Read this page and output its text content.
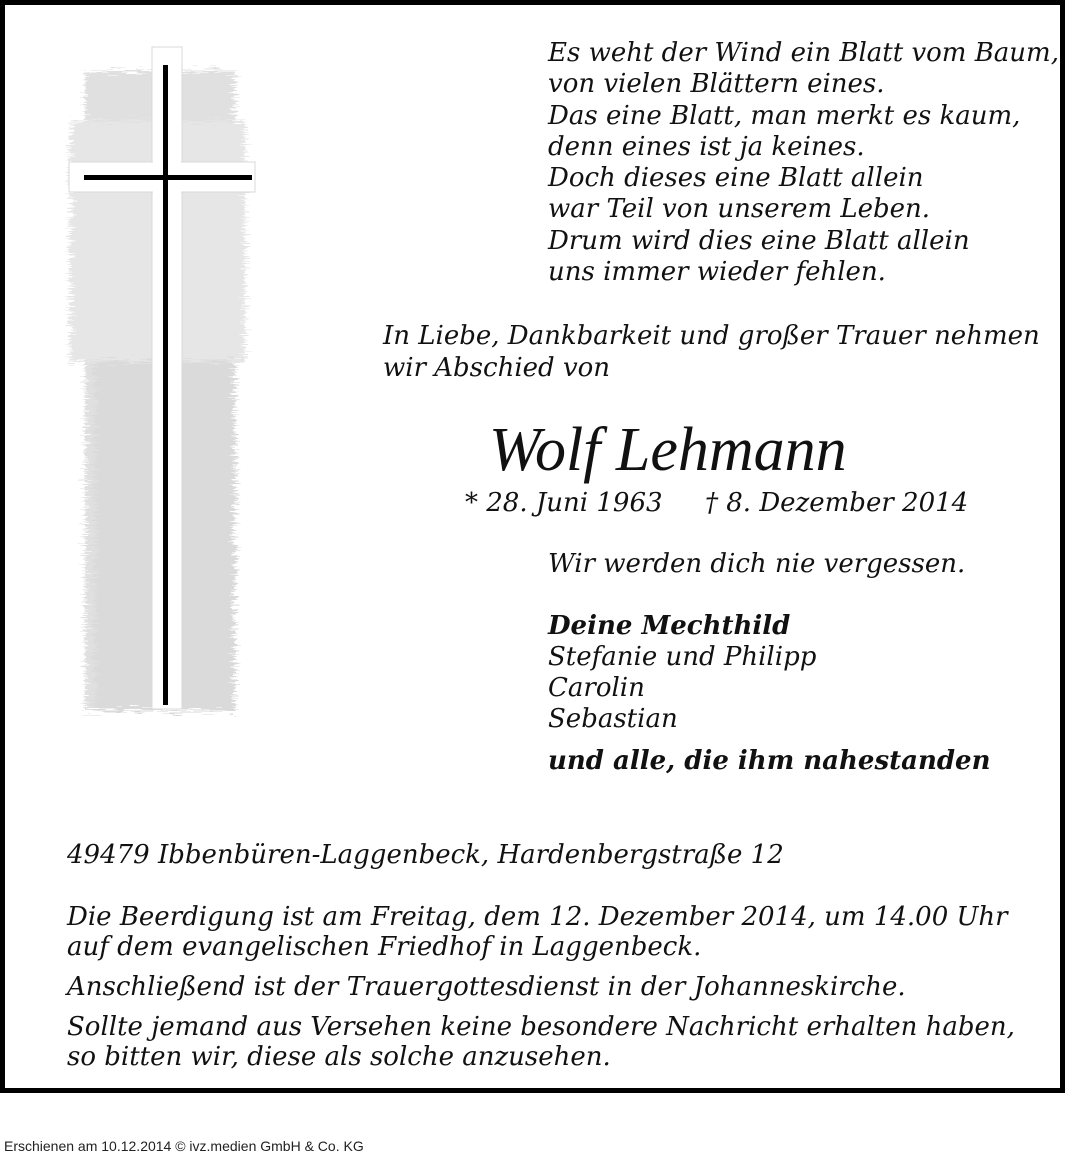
Es weht der Wind ein Blatt vom Baum,
von vielen Blättern eines.
Das eine Blatt, man merkt es kaum,
denn eines ist ja keines.
Doch dieses eine Blatt allein
war Teil von unserem Leben.
Drum wird dies eine Blatt allein
uns immer wieder fehlen.
In Liebe, Dankbarkeit und großer Trauer nehmen wir Abschied von
Wolf Lehmann
* 28. Juni 1963 † 8. Dezember 2014
Wir werden dich nie vergessen.
Deine Mechthild
Stefanie und Philipp
Carolin
Sebastian
und alle, die ihm nahestanden
49479 Ibbenbüren-Laggenbeck, Hardenbergstraße 12

Die Beerdigung ist am Freitag, dem 12. Dezember 2014, um 14.00 Uhr auf dem evangelischen Friedhof in Laggenbeck.

Anschließend ist der Trauergottesdienst in der Johanneskirche.

Sollte jemand aus Versehen keine besondere Nachricht erhalten haben, so bitten wir, diese als solche anzusehen.

Erschienen am 10.12.2014 © ivz.medien GmbH & Co. KG
